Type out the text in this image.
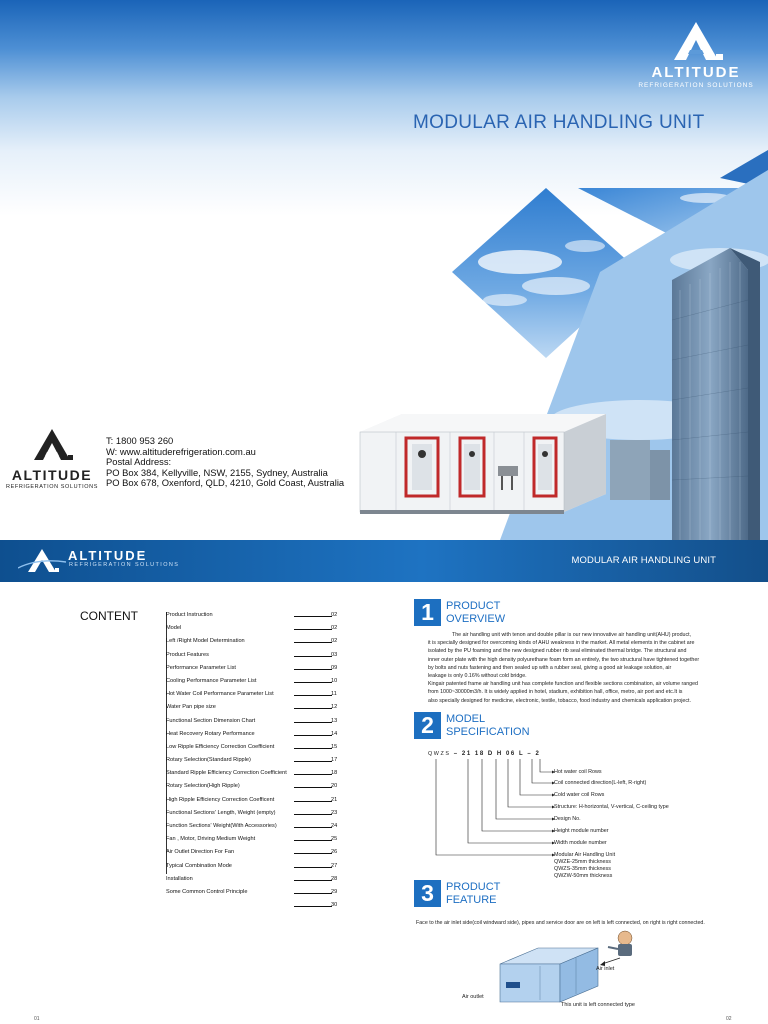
ALTITUDE
REFRIGERATION SOLUTIONS
MODULAR AIR HANDLING UNIT
ALTITUDE
REFRIGERATION SOLUTIONS
T: 1800 953 260
W: www.altituderefrigeration.com.au
Postal Address:
PO Box 384, Kellyville, NSW, 2155, Sydney, Australia
PO Box 678, Oxenford, QLD, 4210, Gold Coast, Australia
ALTITUDE
REFRIGERATION SOLUTIONS	MODULAR AIR HANDLING UNIT
CONTENT	Product Instruction	02
Model	02
Left /Right Model Determination	02
Product Features	03
Performance Parameter List	09
Cooling Performance Parameter List	10
Hot Water Coil Performance Parameter List	11
Water Pan pipe size	12
Functional Section Dimension Chart	13
Heat Recovery Rotary Performance	14
Low Ripple Efficiency Correction Coefficient	15
Rotary Selection(Standard Ripple)	17
Standard Ripple Efficiency Correction Coefficient	18
Rotary Selection(High Ripple)	20
High Ripple Efficiency Correction Coefficent	21
Functional Sections' Length, Weight (empty)	23
Function Sections' Weight(With Accessories)	24
Fan , Motor, Driving Medium Weight	25
Air Outlet Direction For Fan	26
Typical Combination Mode	27
Installation	28
Some Common Control Principle	29
30
1	PRODUCT
OVERVIEW

The air handling unit with tenon and double pillar is our new innovative air handling unit(AHU) product,

it is specially designed for overcoming kinds of AHU weakness in the market. All metal elements in the cabinet are

isolated by the PU foaming and the new designed rubber rib seal eliminated thermal bridge. The structural and

inner outer plate with the high density polyurethane foam form an entirely, the two structural have tightened together

by bolts and nuts fastening and then sealed up with a rubber seal, giving a good air leakage solution, air

leakage is only 0.16% without cold bridge.

Kingair patented frame air handling unit has complete function and flexible sections combination, air volume ranged

from 1000~30000m3/h. It is widely applied in hotel, stadium, exhibition hall, office, metro, air port and etc.It is

also specially designed for medicine, electronic, textile, tobacco, food industry and chemicals application project.

2	MODEL
SPECIFICATION
QWZS – 21 18 D H 06 L – 2
Hot water coil Rows
Coil connected direction(L-left, R-right)
Cold water coil Rows
Structure: H-horizontal, V-vertical, C-ceiling type
Design No.
Height module number
Width module number
Modular Air Handling Unit
QWZE-25mm thickness
QWZS-35mm thickness
QWZW-50mm thickness
3	PRODUCT
FEATURE
Face to the air inlet side(coil windward side), pipes and service door are on left is left connected, on right is right connected.
Air inlet
Air outlet
This unit is left connected type
01	02
